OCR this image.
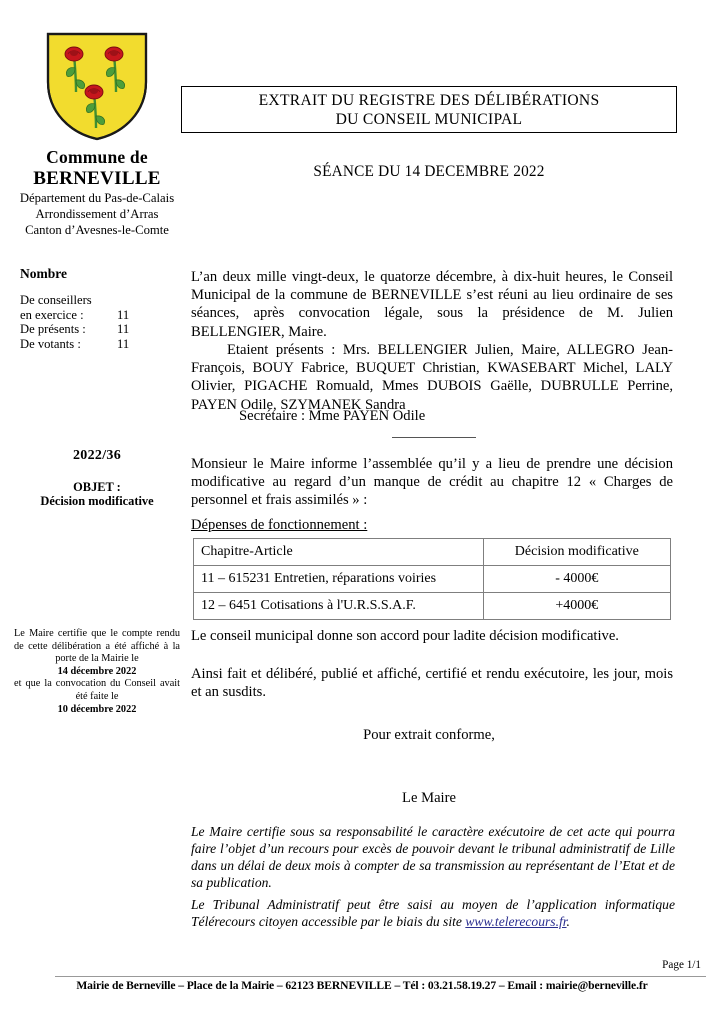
Commune de
BERNEVILLE
Département du Pas-de-Calais
Arrondissement d’Arras
Canton d’Avesnes-le-Comte
Nombre
De conseillers
en exercice :	11
De présents :	11
De votants :	11
2022/36
OBJET :
Décision modificative

Le Maire certifie que le compte rendu de cette délibération a été affiché à la porte de la Mairie le

14 décembre 2022

et que la convocation du Conseil avait été faite le

10 décembre 2022

EXTRAIT DU REGISTRE DES DÉLIBÉRATIONS
DU CONSEIL MUNICIPAL
SÉANCE DU 14 DECEMBRE 2022

L’an deux mille vingt-deux, le quatorze décembre, à dix-huit heures, le Conseil Municipal de la commune de BERNEVILLE s’est réuni au lieu ordinaire de ses séances, après convocation légale, sous la présidence de M. Julien BELLENGIER, Maire.

Etaient présents : Mrs. BELLENGIER Julien, Maire, ALLEGRO Jean-François, BOUY Fabrice, BUQUET Christian, KWASEBART Michel, LALY Olivier, PIGACHE Romuald, Mmes DUBOIS Gaëlle, DUBRULLE Perrine, PAYEN Odile, SZYMANEK Sandra

Secrétaire : Mme PAYEN Odile

Monsieur le Maire informe l’assemblée qu’il y a lieu de prendre une décision modificative au regard d’un manque de crédit au chapitre 12 « Charges de personnel et frais assimilés » :

Dépenses de fonctionnement :
Chapitre-Article	Décision modificative
11 – 615231 Entretien, réparations voiries	- 4000€
12 – 6451 Cotisations à l'U.R.S.S.A.F.	+4000€

Le conseil municipal donne son accord pour ladite décision modificative.

Ainsi fait et délibéré, publié et affiché, certifié et rendu exécutoire, les jour, mois et an susdits.

Pour extrait conforme,
Le Maire

Le Maire certifie sous sa responsabilité le caractère exécutoire de cet acte qui pourra faire l’objet d’un recours pour excès de pouvoir devant le tribunal administratif de Lille dans un délai de deux mois à compter de sa transmission au représentant de l’Etat et de sa publication.

Le Tribunal Administratif peut être saisi au moyen de l’application informatique Télérecours citoyen accessible par le biais du site www.telerecours.fr.

Page 1/1
Mairie de Berneville – Place de la Mairie – 62123 BERNEVILLE – Tél : 03.21.58.19.27 – Email : mairie@berneville.fr
